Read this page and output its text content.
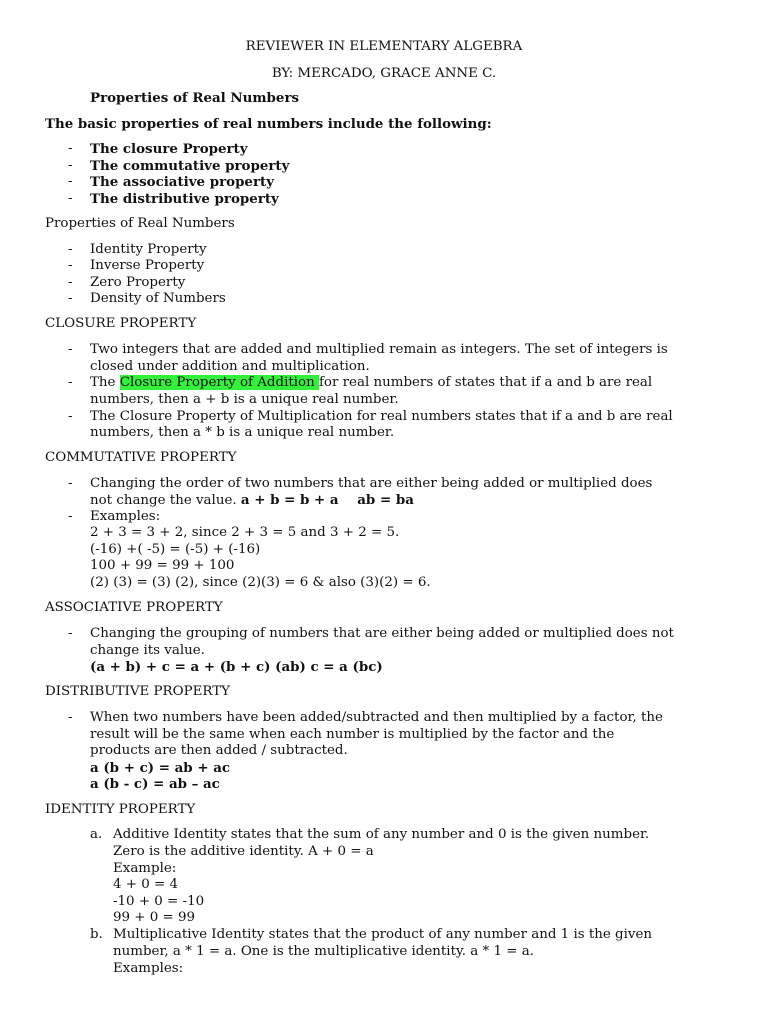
REVIEWER IN ELEMENTARY ALGEBRA
BY: MERCADO, GRACE ANNE C.
Properties of Real Numbers
The basic properties of real numbers include the following:
- The closure Property
- The commutative property
- The associative property
- The distributive property
Properties of Real Numbers
- Identity Property
- Inverse Property
- Zero Property
- Density of Numbers
CLOSURE PROPERTY
- Two integers that are added and multiplied remain as integers. The set of integers is
closed under addition and multiplication.
- The Closure Property of Addition for real numbers of states that if a and b are real
numbers, then a + b is a unique real number.
- The Closure Property of Multiplication for real numbers states that if a and b are real
numbers, then a * b is a unique real number.
COMMUTATIVE PROPERTY
- Changing the order of two numbers that are either being added or multiplied does
not change the value. a + b = b + a    ab = ba
- Examples:
2 + 3 = 3 + 2, since 2 + 3 = 5 and 3 + 2 = 5.
(-16) +( -5) = (-5) + (-16)
100 + 99 = 99 + 100
(2) (3) = (3) (2), since (2)(3) = 6 & also (3)(2) = 6.
ASSOCIATIVE PROPERTY
- Changing the grouping of numbers that are either being added or multiplied does not
change its value.
(a + b) + c = a + (b + c) (ab) c = a (bc)
DISTRIBUTIVE PROPERTY
- When two numbers have been added/subtracted and then multiplied by a factor, the
result will be the same when each number is multiplied by the factor and the
products are then added / subtracted.
a (b + c) = ab + ac
a (b - c) = ab – ac
IDENTITY PROPERTY
a. Additive Identity states that the sum of any number and 0 is the given number.
Zero is the additive identity. A + 0 = a
Example:
4 + 0 = 4
-10 + 0 = -10
99 + 0 = 99
b. Multiplicative Identity states that the product of any number and 1 is the given
number, a * 1 = a. One is the multiplicative identity. a * 1 = a.
Examples:
